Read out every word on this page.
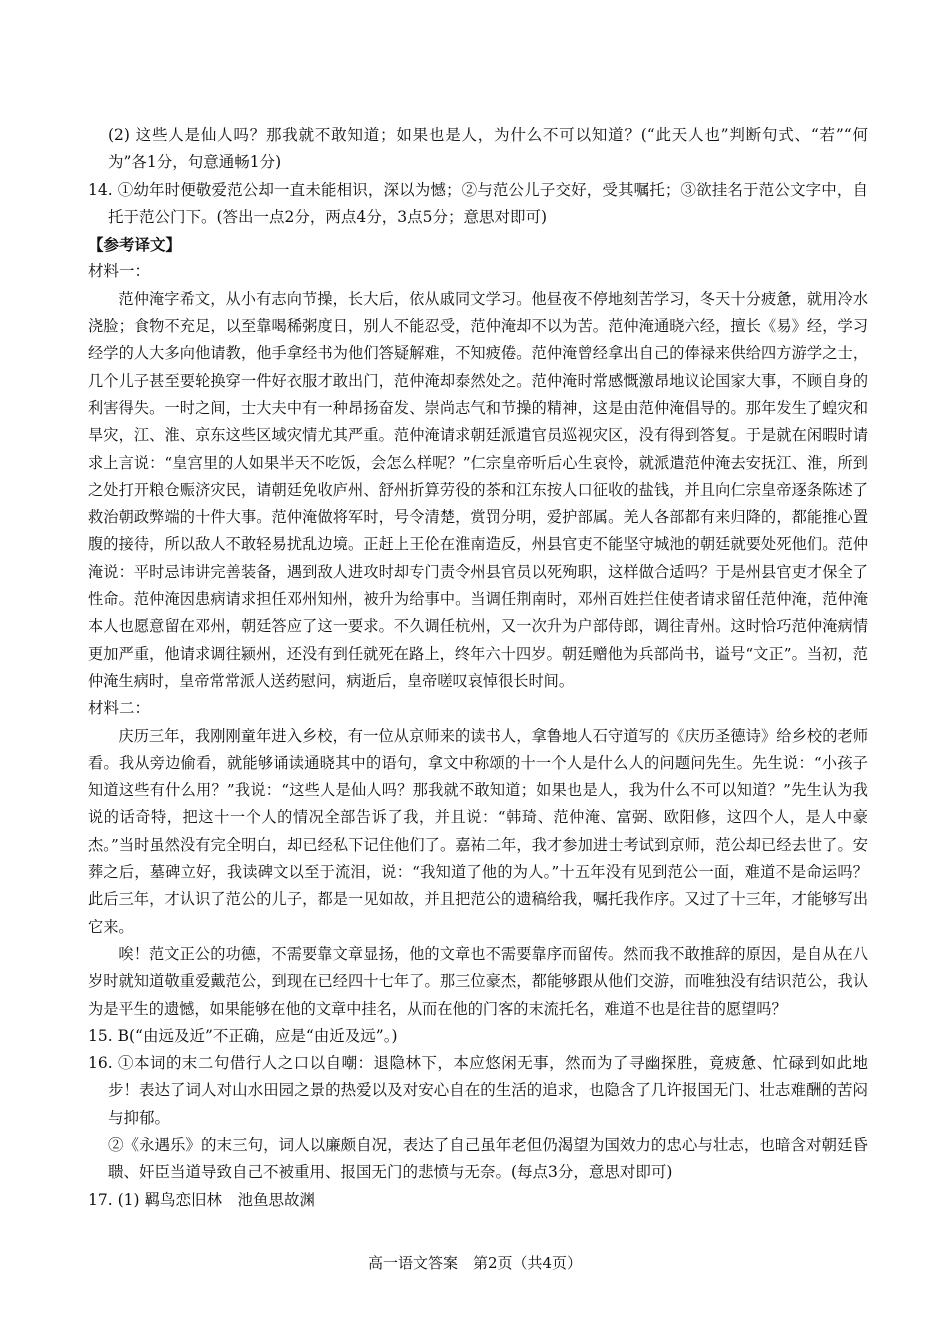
(2) 这些人是仙人吗？那我就不敢知道；如果也是人，为什么不可以知道？(“此天人也”判断句式、“若”“何为”各1分，句意通畅1分)

14. ①幼年时便敬爱范公却一直未能相识，深以为憾；②与范公儿子交好，受其嘱托；③欲挂名于范公文字中，自托于范公门下。(答出一点2分，两点4分，3点5分；意思对即可)

【参考译文】

材料一：

范仲淹字希文，从小有志向节操，长大后，依从戚同文学习。他昼夜不停地刻苦学习，冬天十分疲惫，就用冷水浇脸；食物不充足，以至靠喝稀粥度日，别人不能忍受，范仲淹却不以为苦。范仲淹通晓六经，擅长《易》经，学习经学的人大多向他请教，他手拿经书为他们答疑解难，不知疲倦。范仲淹曾经拿出自己的俸禄来供给四方游学之士，几个儿子甚至要轮换穿一件好衣服才敢出门，范仲淹却泰然处之。范仲淹时常感慨激昂地议论国家大事，不顾自身的利害得失。一时之间，士大夫中有一种昂扬奋发、崇尚志气和节操的精神，这是由范仲淹倡导的。那年发生了蝗灾和旱灾，江、淮、京东这些区域灾情尤其严重。范仲淹请求朝廷派遣官员巡视灾区，没有得到答复。于是就在闲暇时请求上言说：“皇宫里的人如果半天不吃饭，会怎么样呢？”仁宗皇帝听后心生哀怜，就派遣范仲淹去安抚江、淮，所到之处打开粮仓赈济灾民，请朝廷免收庐州、舒州折算劳役的茶和江东按人口征收的盐钱，并且向仁宗皇帝逐条陈述了救治朝政弊端的十件大事。范仲淹做将军时，号令清楚，赏罚分明，爱护部属。羌人各部都有来归降的，都能推心置腹的接待，所以敌人不敢轻易扰乱边境。正赶上王伦在淮南造反，州县官吏不能坚守城池的朝廷就要处死他们。范仲淹说：平时忌讳讲完善装备，遇到敌人进攻时却专门责令州县官员以死殉职，这样做合适吗？于是州县官吏才保全了性命。范仲淹因患病请求担任邓州知州，被升为给事中。当调任荆南时，邓州百姓拦住使者请求留任范仲淹，范仲淹本人也愿意留在邓州，朝廷答应了这一要求。不久调任杭州，又一次升为户部侍郎，调往青州。这时恰巧范仲淹病情更加严重，他请求调往颍州，还没有到任就死在路上，终年六十四岁。朝廷赠他为兵部尚书，谥号“文正”。当初，范仲淹生病时，皇帝常常派人送药慰问，病逝后，皇帝嗟叹哀悼很长时间。

材料二：

庆历三年，我刚刚童年进入乡校，有一位从京师来的读书人，拿鲁地人石守道写的《庆历圣德诗》给乡校的老师看。我从旁边偷看，就能够诵读通晓其中的语句，拿文中称颂的十一个人是什么人的问题问先生。先生说：“小孩子知道这些有什么用？”我说：“这些人是仙人吗？那我就不敢知道；如果也是人，我为什么不可以知道？”先生认为我说的话奇特，把这十一个人的情况全部告诉了我，并且说：“韩琦、范仲淹、富弼、欧阳修，这四个人，是人中豪杰。”当时虽然没有完全明白，却已经私下记住他们了。嘉祐二年，我才参加进士考试到京师，范公却已经去世了。安葬之后，墓碑立好，我读碑文以至于流泪，说：“我知道了他的为人。”十五年没有见到范公一面，难道不是命运吗？此后三年，才认识了范公的儿子，都是一见如故，并且把范公的遗稿给我，嘱托我作序。又过了十三年，才能够写出它来。

唉！范文正公的功德，不需要靠文章显扬，他的文章也不需要靠序而留传。然而我不敢推辞的原因，是自从在八岁时就知道敬重爱戴范公，到现在已经四十七年了。那三位豪杰，都能够跟从他们交游，而唯独没有结识范公，我认为是平生的遗憾，如果能够在他的文章中挂名，从而在他的门客的末流托名，难道不也是往昔的愿望吗？

15. B(“由远及近”不正确，应是“由近及远”。)

16. ①本词的末二句借行人之口以自嘲：退隐林下，本应悠闲无事，然而为了寻幽探胜，竟疲惫、忙碌到如此地步！表达了词人对山水田园之景的热爱以及对安心自在的生活的追求，也隐含了几许报国无门、壮志难酬的苦闷与抑郁。

②《永遇乐》的末三句，词人以廉颇自况，表达了自己虽年老但仍渴望为国效力的忠心与壮志，也暗含对朝廷昏聩、奸臣当道导致自己不被重用、报国无门的悲愤与无奈。(每点3分，意思对即可)

17. (1) 羁鸟恋旧林　池鱼思故渊

高一语文答案　第2页（共4页）
